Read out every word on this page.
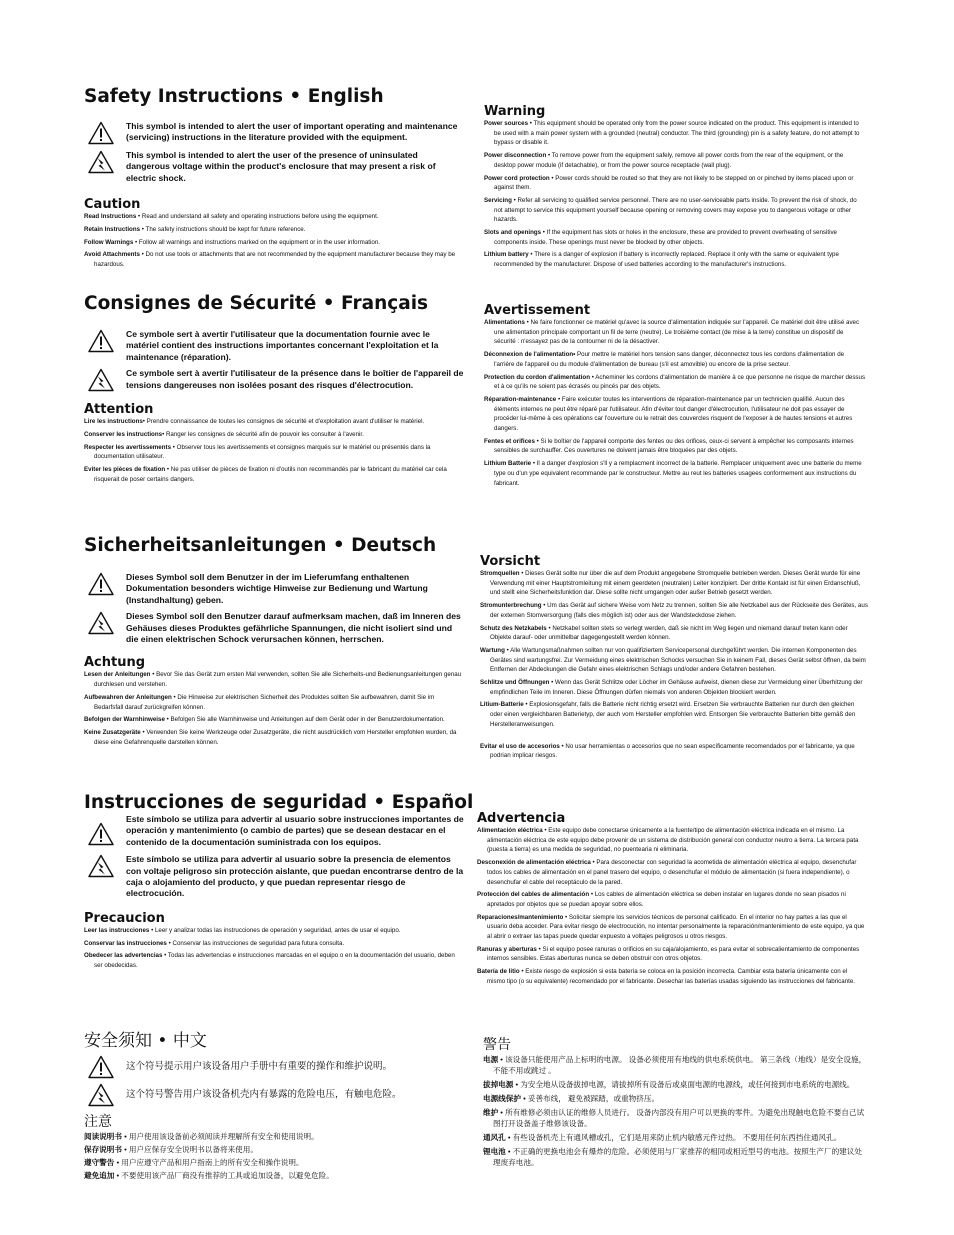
Safety Instructions • English

This symbol is intended to alert the user of important operating and maintenance (servicing) instructions in the literature provided with the equipment.

This symbol is intended to alert the user of the presence of uninsulated dangerous voltage within the product's enclosure that may present a risk of electric shock.

Caution

Read Instructions • Read and understand all safety and operating instructions before using the equipment.

Retain Instructions • The safety instructions should be kept for future reference.

Follow Warnings • Follow all warnings and instructions marked on the equipment or in the user information.

Avoid Attachments • Do not use tools or attachments that are not recommended by the equipment manufacturer because they may be hazardous.

Warning

Power sources • This equipment should be operated only from the power source indicated on the product. This equipment is intended to be used with a main power system with a grounded (neutral) conductor. The third (grounding) pin is a safety feature, do not attempt to bypass or disable it.

Power disconnection • To remove power from the equipment safely, remove all power cords from the rear of the equipment, or the desktop power module (if detachable), or from the power source receptacle (wall plug).

Power cord protection • Power cords should be routed so that they are not likely to be stepped on or pinched by items placed upon or against them.

Servicing • Refer all servicing to qualified service personnel. There are no user-serviceable parts inside. To prevent the risk of shock, do not attempt to service this equipment yourself because opening or removing covers may expose you to dangerous voltage or other hazards.

Slots and openings • If the equipment has slots or holes in the enclosure, these are provided to prevent overheating of sensitive components inside. These openings must never be blocked by other objects.

Lithium battery • There is a danger of explosion if battery is incorrectly replaced. Replace it only with the same or equivalent type recommended by the manufacturer. Dispose of used batteries according to the manufacturer's instructions.

Consignes de Sécurité • Français

Ce symbole sert à avertir l'utilisateur que la documentation fournie avec le matériel contient des instructions importantes concernant l'exploitation et la maintenance (réparation).

Ce symbole sert à avertir l'utilisateur de la présence dans le boîtier de l'appareil de tensions dangereuses non isolées posant des risques d'électrocution.

Attention

Lire les instructions• Prendre connaissance de toutes les consignes de sécurité et d'exploitation avant d'utiliser le matériel.

Conserver les instructions• Ranger les consignes de sécurité afin de pouvoir les consulter à l'avenir.

Respecter les avertissements • Observer tous les avertissements et consignes marqués sur le matériel ou présentés dans la documentation utilisateur.

Eviter les pièces de fixation • Ne pas utiliser de pièces de fixation ni d'outils non recommandés par le fabricant du matériel car cela risquerait de poser certains dangers.

Avertissement

Alimentations • Ne faire fonctionner ce matériel qu'avec la source d'alimentation indiquée sur l'appareil. Ce matériel doit être utilisé avec une alimentation principale comportant un fil de terre (neutre). Le troisième contact (de mise à la terre) constitue un dispositif de sécurité : n'essayez pas de la contourner ni de la désactiver.

Déconnexion de l'alimentation• Pour mettre le matériel hors tension sans danger, déconnectez tous les cordons d'alimentation de l'arrière de l'appareil ou du module d'alimentation de bureau (s'il est amovible) ou encore de la prise secteur.

Protection du cordon d'alimentation • Acheminer les cordons d'alimentation de manière à ce que personne ne risque de marcher dessus et à ce qu'ils ne soient pas écrasés ou pincés par des objets.

Réparation-maintenance • Faire exécuter toutes les interventions de réparation-maintenance par un technicien qualifié. Aucun des éléments internes ne peut être réparé par l'utilisateur. Afin d'éviter tout danger d'électrocution, l'utilisateur ne doit pas essayer de procéder lui-même à ces opérations car l'ouverture ou le retrait des couvercles risquent de l'exposer à de hautes tensions et autres dangers.

Fentes et orifices • Si le boîtier de l'appareil comporte des fentes ou des orifices, ceux-ci servent à empêcher les composants internes sensibles de surchauffer. Ces ouvertures ne doivent jamais être bloquées par des objets.

Lithium Batterie • Il a danger d'explosion s'll y a remplacment incorrect de la batterie. Remplacer uniquement avec une batterie du meme type ou d'un ype equivalent recommande par le constructeur. Mettre au reut les batteries usagees conformement aux instructions du fabricant.

Sicherheitsanleitungen • Deutsch

Dieses Symbol soll dem Benutzer in der im Lieferumfang enthaltenen Dokumentation besonders wichtige Hinweise zur Bedienung und Wartung (Instandhaltung) geben.

Dieses Symbol soll den Benutzer darauf aufmerksam machen, daß im Inneren des Gehäuses dieses Produktes gefährliche Spannungen, die nicht isoliert sind und die einen elektrischen Schock verursachen können, herrschen.

Achtung

Lesen der Anleitungen • Bevor Sie das Gerät zum ersten Mal verwenden, sollten Sie alle Sicherheits-und Bedienungsanleitungen genau durchlesen und verstehen.

Aufbewahren der Anleitungen • Die Hinweise zur elektrischen Sicherheit des Produktes sollten Sie aufbewahren, damit Sie im Bedarfsfall darauf zurückgreifen können.

Befolgen der Warnhinweise • Befolgen Sie alle Warnhinweise und Anleitungen auf dem Gerät oder in der Benutzerdokumentation.

Keine Zusatzgeräte • Verwenden Sie keine Werkzeuge oder Zusatzgeräte, die nicht ausdrücklich vom Hersteller empfohlen wurden, da diese eine Gefahrenquelle darstellen können.

Vorsicht

Stromquellen • Dieses Gerät sollte nur über die auf dem Produkt angegebene Stromquelle betrieben werden. Dieses Gerät wurde für eine Verwendung mit einer Hauptstromleitung mit einem geerdeten (neutralen) Leiter konzipiert. Der dritte Kontakt ist für einen Erdanschluß, und stellt eine Sicherheitsfunktion dar. Diese sollte nicht umgangen oder außer Betrieb gesetzt werden.

Stromunterbrechung • Um das Gerät auf sichere Weise vom Netz zu trennen, sollten Sie alle Netzkabel aus der Rückseite des Gerätes, aus der externen Stomversorgung (falls dies möglich ist) oder aus der Wandsteckdose ziehen.

Schutz des Netzkabels • Netzkabel sollten stets so verlegt werden, daß sie nicht im Weg liegen und niemand darauf treten kann oder Objekte darauf- oder unmittelbar dagegengestellt werden können.

Wartung • Alle Wartungsmaßnahmen sollten nur von qualifiziertem Servicepersonal durchgeführt werden. Die internen Komponenten des Gerätes sind wartungsfrei. Zur Vermeidung eines elektrischen Schocks versuchen Sie in keinem Fall, dieses Gerät selbst öffnen, da beim Entfernen der Abdeckungen die Gefahr eines elektrischen Schlags und/oder andere Gefahren bestehen.

Schlitze und Öffnungen • Wenn das Gerät Schlitze oder Löcher im Gehäuse aufweist, dienen diese zur Vermeidung einer Überhitzung der empfindlichen Teile im Inneren. Diese Öffnungen dürfen niemals von anderen Objekten blockiert werden.

Litium-Batterie • Explosionsgefahr, falls die Batterie nicht richtig ersetzt wird. Ersetzen Sie verbrauchte Batterien nur durch den gleichen oder einen vergleichbaren Batterietyp, der auch vom Hersteller empfohlen wird. Entsorgen Sie verbrauchte Batterien bitte gemäß den Herstelleranweisungen.

Evitar el uso de accesorios • No usar herramientas o accesorios que no sean específicamente recomendados por el fabricante, ya que podrian implicar riesgos.

Instrucciones de seguridad • Español

Este símbolo se utiliza para advertir al usuario sobre instrucciones importantes de operación y mantenimiento (o cambio de partes) que se desean destacar en el contenido de la documentación suministrada con los equipos.

Este símbolo se utiliza para advertir al usuario sobre la presencia de elementos con voltaje peligroso sin protección aislante, que puedan encontrarse dentro de la caja o alojamiento del producto, y que puedan representar riesgo de electrocución.

Precaucion

Leer las instrucciones • Leer y analizar todas las instrucciones de operación y seguridad, antes de usar el equipo.

Conservar las instrucciones • Conservar las instrucciones de seguridad para futura consulta.

Obedecer las advertencias • Todas las advertencias e instrucciones marcadas en el equipo o en la documentación del usuario, deben ser obedecidas.

Advertencia

Alimentación eléctrica • Este equipo debe conectarse únicamente a la fuente/tipo de alimentación eléctrica indicada en el mismo. La alimentación eléctrica de este equipo debe provenir de un sistema de distribución general con conductor neutro a tierra. La tercera pata (puesta a tierra) es una medida de seguridad, no puentearia ni eliminaria.

Desconexión de alimentación eléctrica • Para desconectar con seguridad la acometida de alimentación eléctrica al equipo, desenchufar todos los cables de alimentación en el panel trasero del equipo, o desenchufar el módulo de alimentación (si fuera independiente), o desenchufar el cable del receptáculo de la pared.

Protección del cables de alimentación • Los cables de alimentación eléctrica se deben instalar en lugares donde no sean pisados ni apretados por objetos que se puedan apoyar sobre ellos.

Reparaciones/mantenimiento • Solicitar siempre los servicios técnicos de personal calificado. En el interior no hay partes a las que el usuario deba acceder. Para evitar riesgo de electrocución, no intentar personalmente la reparación/mantenimiento de este equipo, ya que al abrir o extraer las tapas puede quedar expuesto a voltajes peligrosos u otros riesgos.

Ranuras y aberturas • Si el equipo posee ranuras o orificios en su caja/alojamiento, es para evitar el sobrecalientamiento de componentes internos sensibles. Estas aberturas nunca se deben obstruir con otros objetos.

Batería de litio • Existe riesgo de explosión si esta batería se coloca en la posición incorrecta. Cambiar esta batería únicamente con el mismo tipo (o su equivalente) recomendado por el fabricante. Desechar las baterías usadas siguiendo las instrucciones del fabricante.

安全须知 • 中文

这个符号提示用户该设备用户手册中有重要的操作和维护说明。

这个符号警告用户该设备机壳内有暴露的危险电压，有触电危险。

注意

阅读说明书 • 用户使用该设备前必须阅读并理解所有安全和使用说明。

保存说明书 • 用户应保存安全说明书以备将来使用。

遵守警告 • 用户应遵守产品和用户指南上的所有安全和操作说明。

避免追加 • 不要使用该产品厂商没有推荐的工具或追加设备，以避免危险。

警告

电源 • 该设备只能使用产品上标明的电源。 设备必须使用有地线的供电系统供电。 第三条线（地线）是安全设施，不能不用或跳过 。

拔掉电源 • 为安全地从设备拔掉电源，请拔掉所有设备后或桌面电源的电源线，或任何接到市电系统的电源线。

电源线保护 • 妥善布线， 避免被踩踏，或重物挤压。

维护 • 所有维修必须由认证的维修人员进行。 设备内部没有用户可以更换的零件。为避免出现触电危险不要自己试图打开设备盖子维修该设备。

通风孔 • 有些设备机壳上有通风槽或孔，它们是用来防止机内敏感元件过热。 不要用任何东西挡住通风孔。

锂电池 • 不正确的更换电池会有爆炸的危险。必须使用与厂家推荐的相同或相近型号的电池。按照生产厂的建议处理废弃电池。
